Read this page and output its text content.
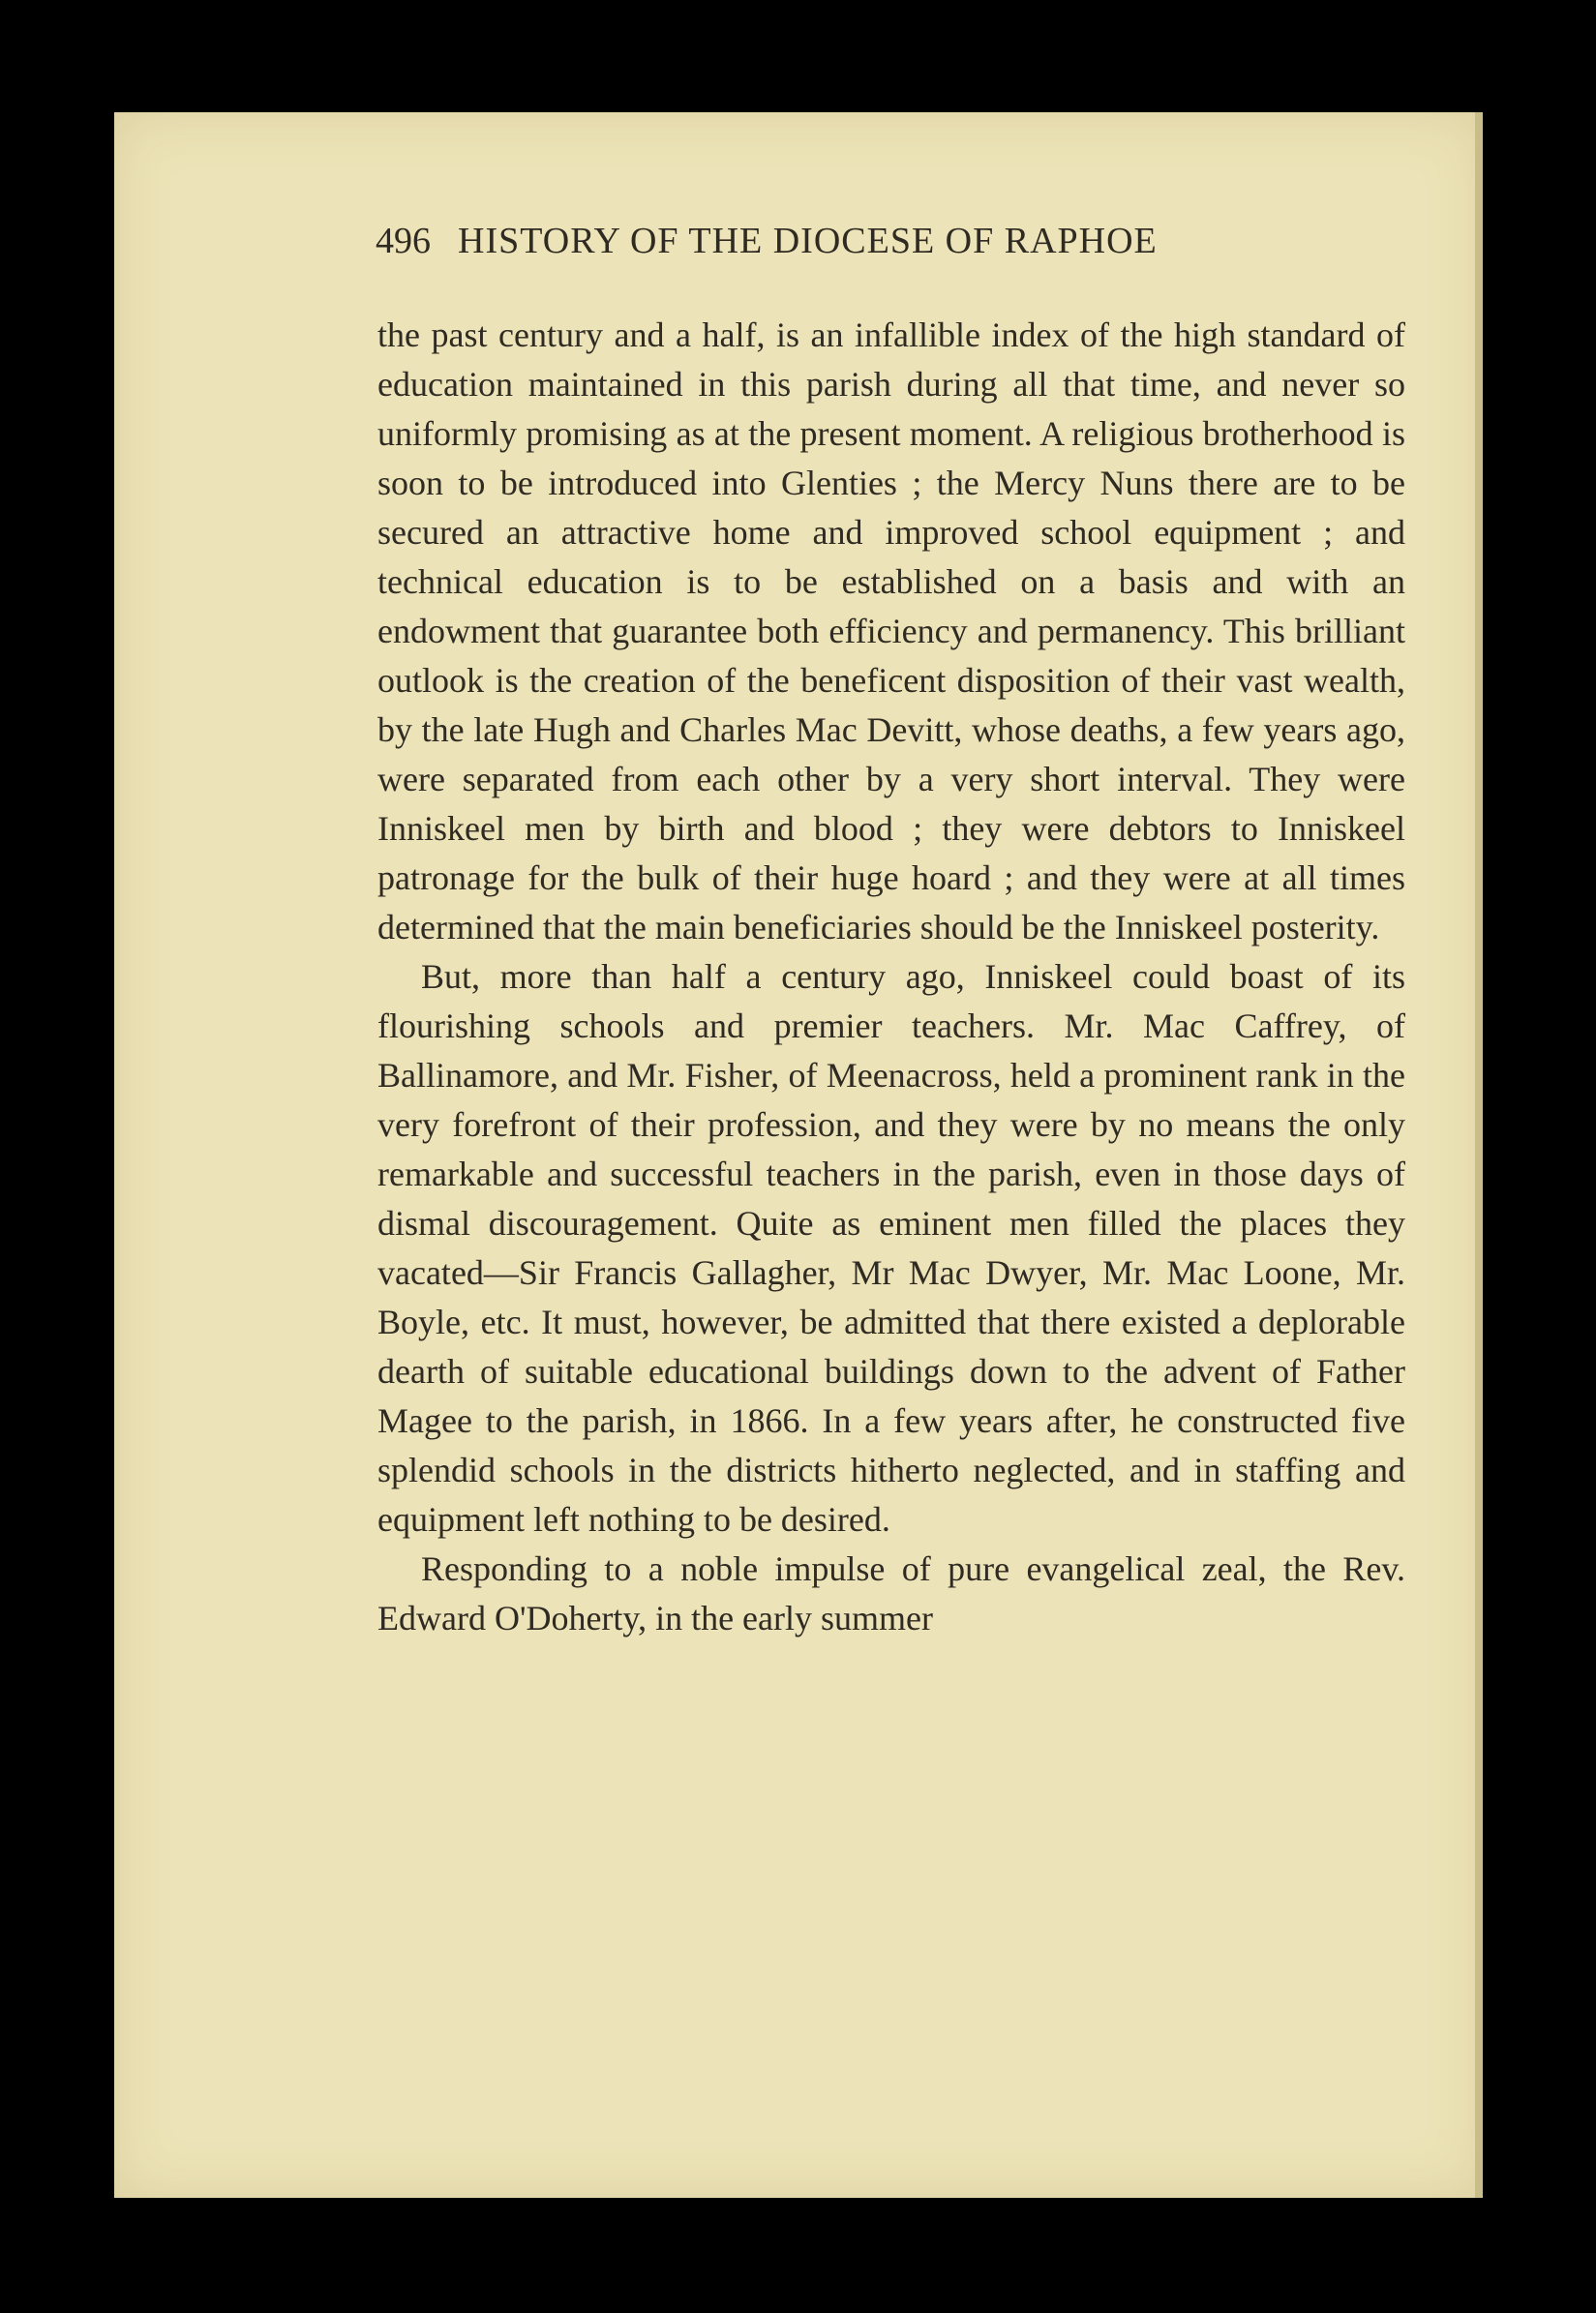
496 HISTORY OF THE DIOCESE OF RAPHOE

the past century and a half, is an infallible index of the high standard of education maintained in this parish during all that time, and never so uniformly promising as at the present moment. A religious brotherhood is soon to be introduced into Glenties ; the Mercy Nuns there are to be secured an attractive home and improved school equipment ; and technical education is to be established on a basis and with an endowment that guarantee both efficiency and permanency. This brilliant outlook is the creation of the beneficent disposition of their vast wealth, by the late Hugh and Charles Mac Devitt, whose deaths, a few years ago, were separated from each other by a very short interval. They were Inniskeel men by birth and blood ; they were debtors to Inniskeel patronage for the bulk of their huge hoard ; and they were at all times determined that the main beneficiaries should be the Inniskeel posterity.

But, more than half a century ago, Inniskeel could boast of its flourishing schools and premier teachers. Mr. Mac Caffrey, of Ballinamore, and Mr. Fisher, of Meenacross, held a prominent rank in the very forefront of their profession, and they were by no means the only remarkable and successful teachers in the parish, even in those days of dismal discouragement. Quite as eminent men filled the places they vacated—Sir Francis Gallagher, Mr Mac Dwyer, Mr. Mac Loone, Mr. Boyle, etc. It must, however, be admitted that there existed a deplorable dearth of suitable educational buildings down to the advent of Father Magee to the parish, in 1866. In a few years after, he constructed five splendid schools in the districts hitherto neglected, and in staffing and equipment left nothing to be desired.

Responding to a noble impulse of pure evangelical zeal, the Rev. Edward O'Doherty, in the early summer
